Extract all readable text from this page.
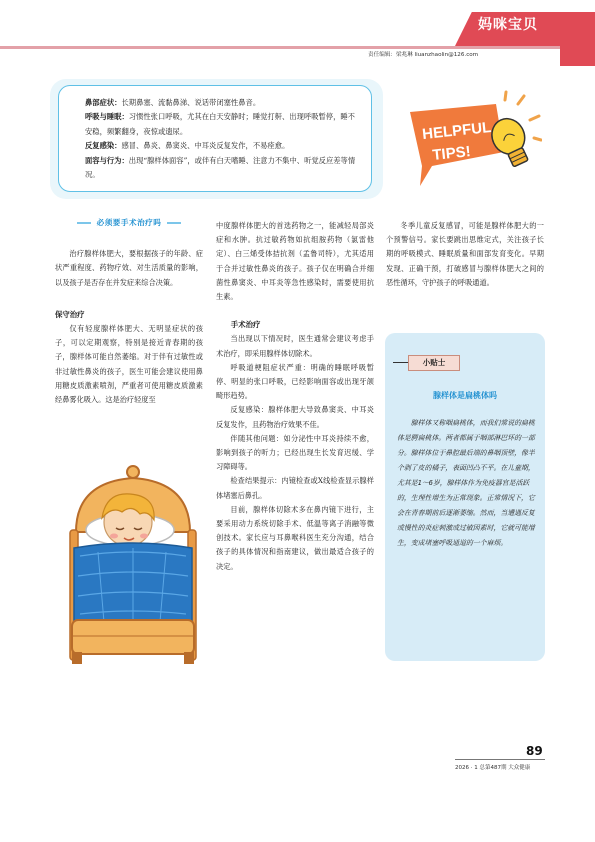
妈咪宝贝
责任编辑：梁兆琳 liuanzhaolin@126.com

鼻部症状：长期鼻塞、流黏鼻涕、说话带闭塞性鼻音。

呼吸与睡眠：习惯性张口呼吸，尤其在白天安静时；睡觉打鼾、出现呼吸暂停，睡不安稳，频繁翻身，夜惊或遗尿。

反复感染：感冒、鼻炎、鼻窦炎、中耳炎反复发作，不易痊愈。

面容与行为：出现“腺样体面容”，或伴有白天嗜睡、注意力不集中、听觉反应差等情况。

HELPFUL
TIPS!
必须要手术治疗吗

治疗腺样体肥大，要根据孩子的年龄、症状严重程度、药物疗效、对生活质量的影响，以及孩子是否存在并发症来综合决策。

保守治疗

仅有轻度腺样体肥大、无明显症状的孩子，可以定期观察，特别是接近青春期的孩子，腺样体可能自然萎缩。对于伴有过敏性或非过敏性鼻炎的孩子，医生可能会建议使用鼻用糖皮质激素喷剂，严重者可使用糖皮质激素经鼻雾化吸入。这是治疗轻度至

中度腺样体肥大的首选药物之一，能减轻局部炎症和水肿。抗过敏药物如抗组胺药物（氯雷他定）、白三烯受体拮抗剂（孟鲁司特），尤其适用于合并过敏性鼻炎的孩子。孩子仅在明确合并细菌性鼻窦炎、中耳炎等急性感染时，需要使用抗生素。

手术治疗

当出现以下情况时，医生通常会建议考虑手术治疗，即采用腺样体切除术。

呼吸道梗阻症状严重：明确的睡眠呼吸暂停、明显的张口呼吸，已经影响面容或出现牙颌畸形趋势。

反复感染：腺样体肥大导致鼻窦炎、中耳炎反复发作，且药物治疗效果不佳。

伴随其他问题：如分泌性中耳炎持续不愈，影响到孩子的听力；已经出现生长发育迟缓、学习障碍等。

检查结果提示：内镜检查或X线检查显示腺样体堵塞后鼻孔。

目前，腺样体切除术多在鼻内镜下进行，主要采用动力系统切除手术、低温等离子消融等微创技术。家长应与耳鼻喉科医生充分沟通，结合孩子的具体情况和指南建议，做出最适合孩子的决定。

冬季儿童反复感冒，可能是腺样体肥大的一个预警信号。家长要跳出思维定式，关注孩子长期的呼吸模式、睡眠质量和面部发育变化。早期发现、正确干预，打破感冒与腺样体肥大之间的恶性循环，守护孩子的呼吸通道。

小贴士
腺样体是扁桃体吗

腺样体又称咽扁桃体，而我们常说的扁桃体是腭扁桃体。两者都属于咽部淋巴环的一部分。腺样体位于鼻腔最后端的鼻咽顶壁，像半个剥了皮的橘子，表面凹凸不平。在儿童期，尤其是1～6岁，腺样体作为免疫器官是活跃的，生理性增生为正常现象。正常情况下，它会在青春期前后逐渐萎缩。然而，当遭遇反复或慢性的炎症刺激或过敏因素时，它就可能增生，变成堵塞呼吸通道的一个麻烦。

89
2026 · 1 总第487期 大众健康
